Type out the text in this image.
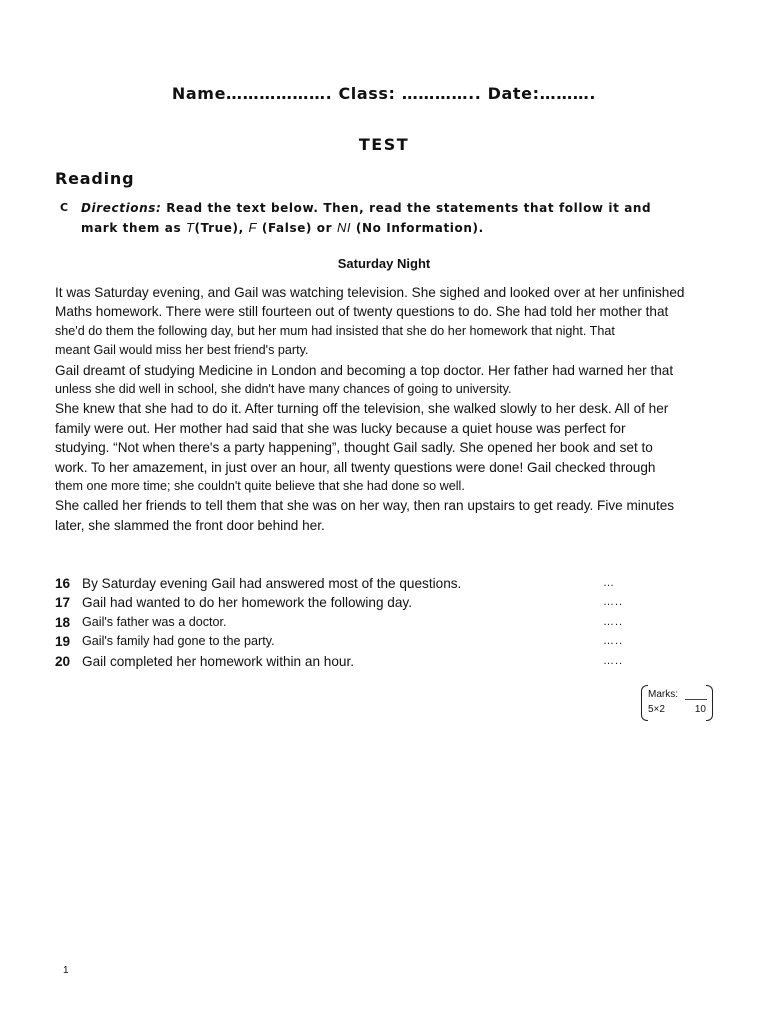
Name………………. Class: ………….. Date:……….
TEST
Reading
C Directions: Read the text below. Then, read the statements that follow it and
mark them as T(True), F (False) or NI (No Information).
Saturday Night
It was Saturday evening, and Gail was watching television. She sighed and looked over at her unfinished
Maths homework. There were still fourteen out of twenty questions to do. She had told her mother that
she'd do them the following day, but her mum had insisted that she do her homework that night. That
meant Gail would miss her best friend's party.
Gail dreamt of studying Medicine in London and becoming a top doctor. Her father had warned her that
unless she did well in school, she didn't have many chances of going to university.
She knew that she had to do it. After turning off the television, she walked slowly to her desk. All of her
family were out. Her mother had said that she was lucky because a quiet house was perfect for
studying. “Not when there's a party happening”, thought Gail sadly. She opened her book and set to
work. To her amazement, in just over an hour, all twenty questions were done! Gail checked through
them one more time; she couldn't quite believe that she had done so well.
She called her friends to tell them that she was on her way, then ran upstairs to get ready. Five minutes
later, she slammed the front door behind her.
16 By Saturday evening Gail had answered most of the questions.	…
17 Gail had wanted to do her homework the following day.	…..
18 Gail's father was a doctor.	…..
19 Gail's family had gone to the party.	…..
20 Gail completed her homework within an hour.	…..
Marks:
5×2	10
1
